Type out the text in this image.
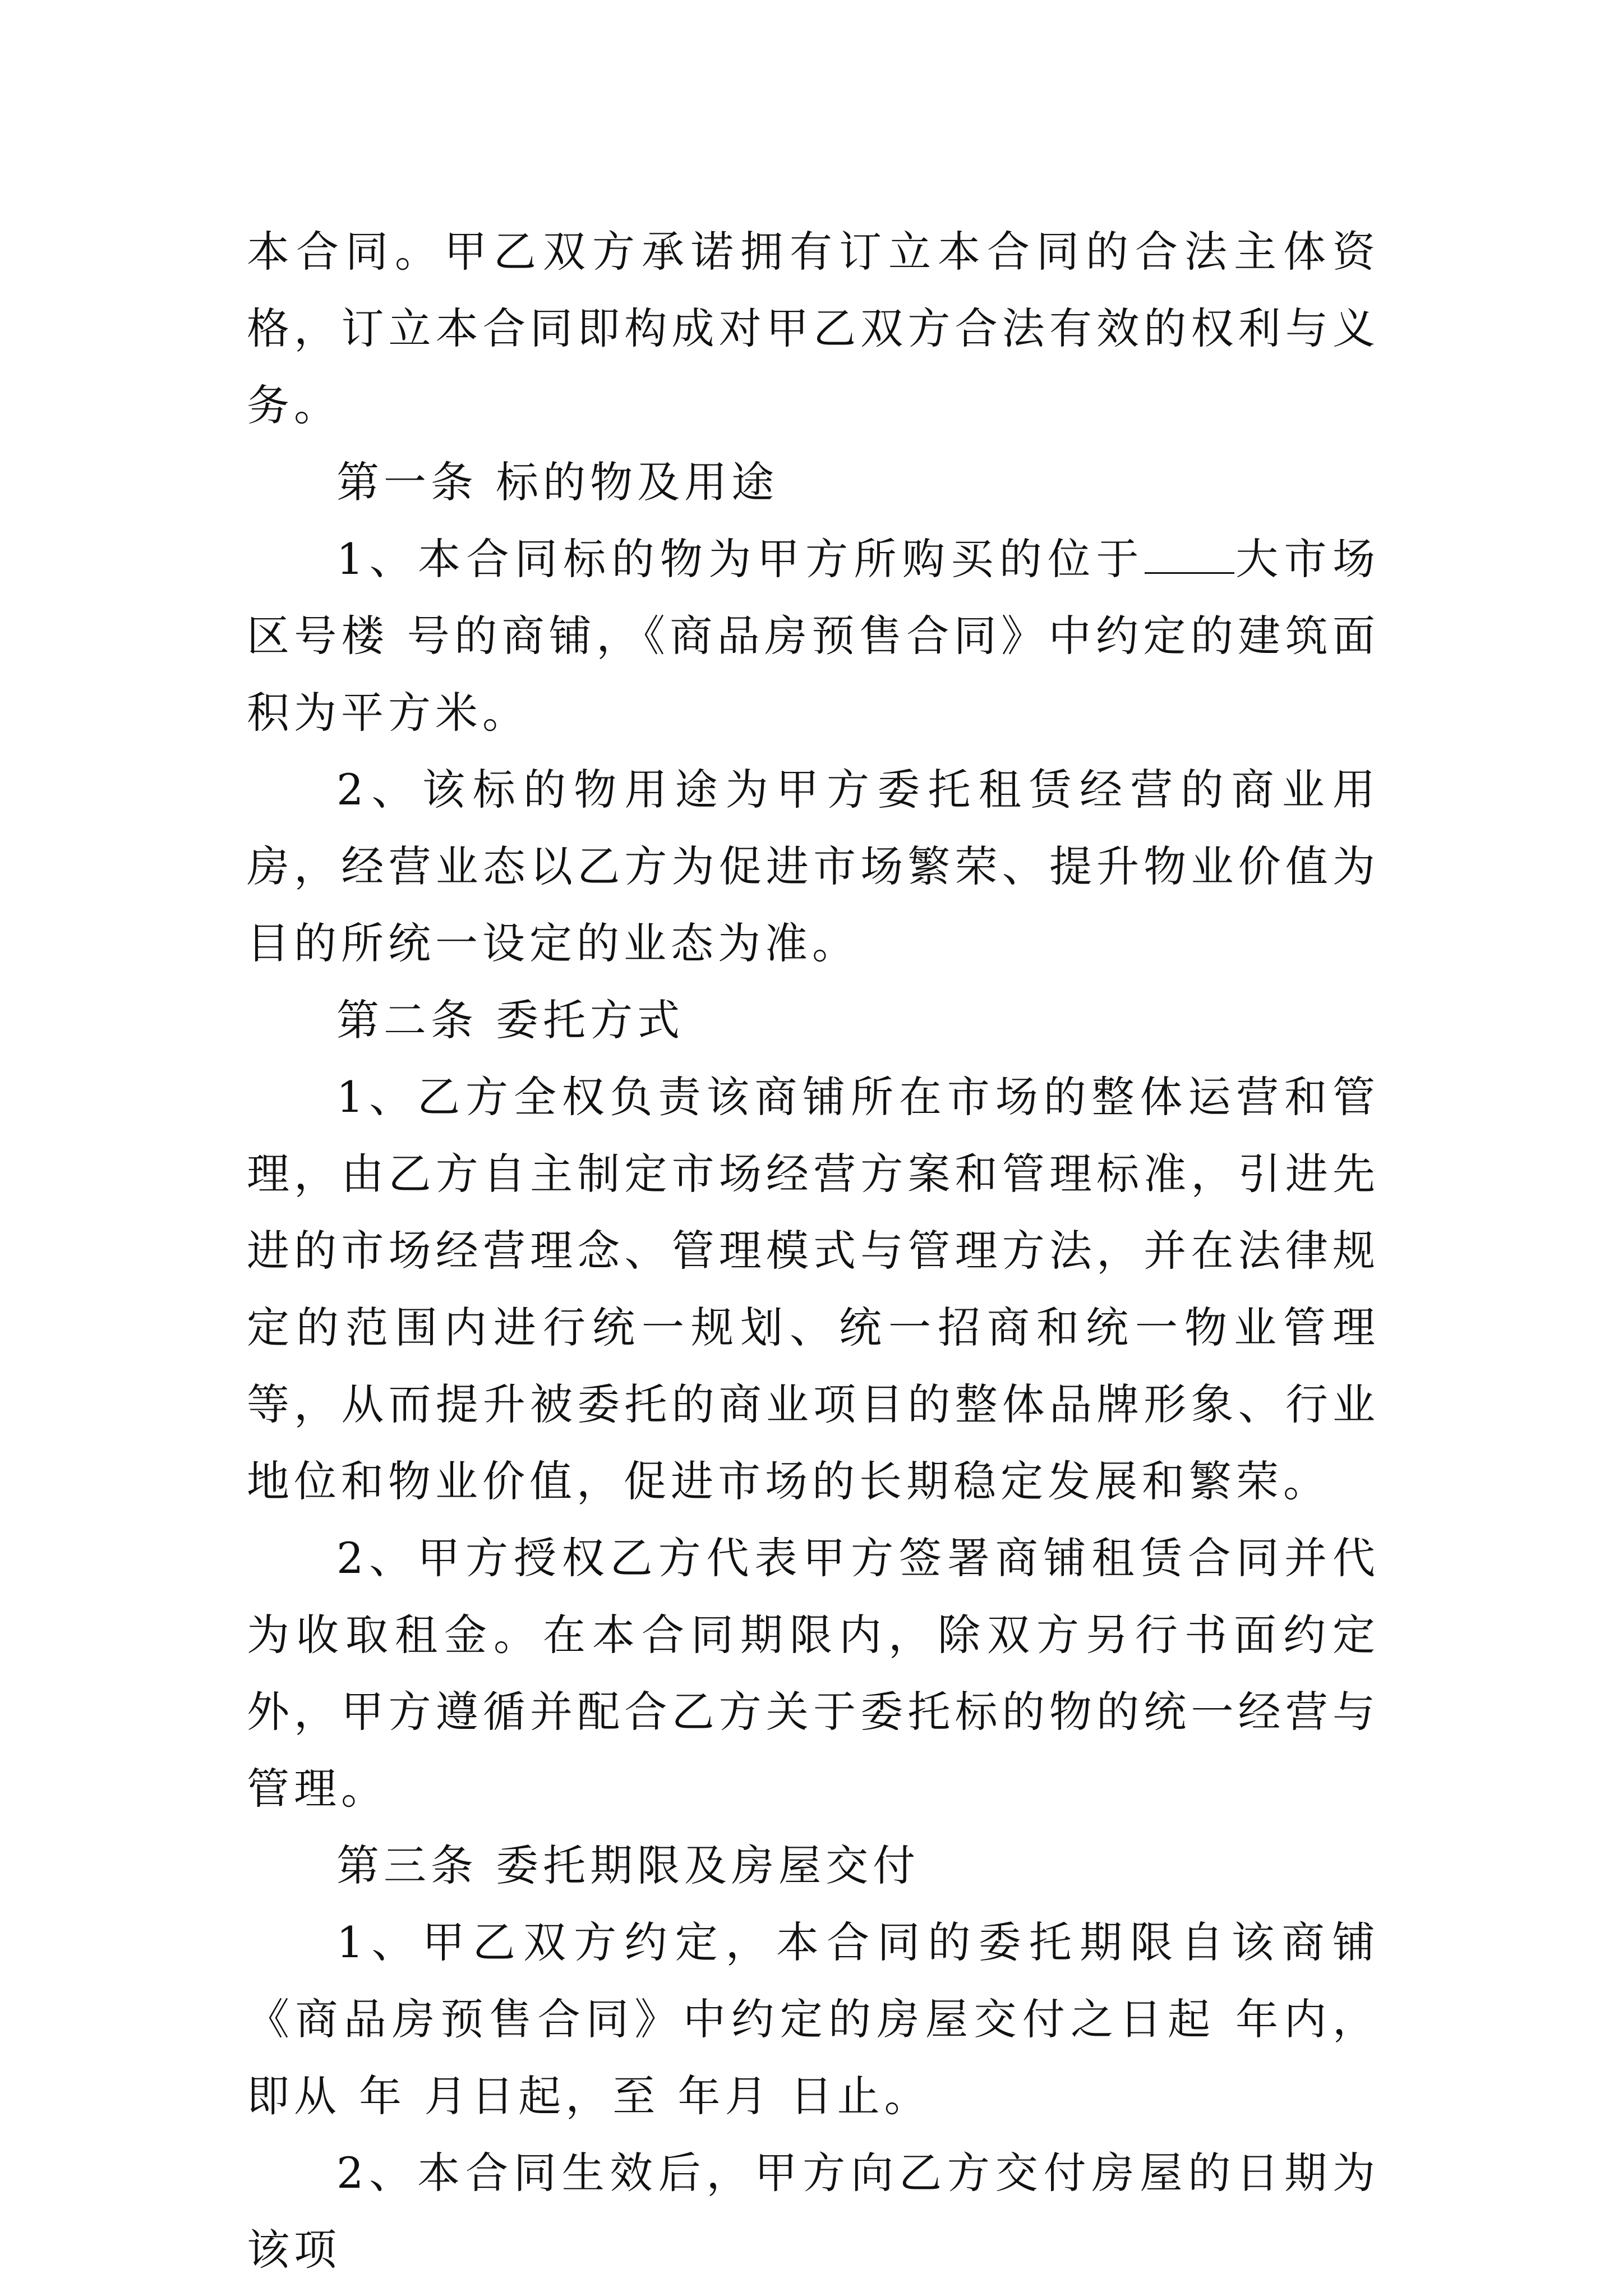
本合同。甲乙双方承诺拥有订立本合同的合法主体资格，订立本合同即构成对甲乙双方合法有效的权利与义务。

第一条 标的物及用途

1、本合同标的物为甲方所购买的位于 大市场 区号楼 号的商铺，《商品房预售合同》中约定的建筑面积为平方米。

2、该标的物用途为甲方委托租赁经营的商业用房，经营业态以乙方为促进市场繁荣、提升物业价值为目的所统一设定的业态为准。

第二条 委托方式

1、乙方全权负责该商铺所在市场的整体运营和管理，由乙方自主制定市场经营方案和管理标准，引进先进的市场经营理念、管理模式与管理方法，并在法律规定的范围内进行统一规划、统一招商和统一物业管理等，从而提升被委托的商业项目的整体品牌形象、行业地位和物业价值，促进市场的长期稳定发展和繁荣。

2、甲方授权乙方代表甲方签署商铺租赁合同并代为收取租金。在本合同期限内，除双方另行书面约定外，甲方遵循并配合乙方关于委托标的物的统一经营与管理。

第三条 委托期限及房屋交付

1、甲乙双方约定，本合同的委托期限自该商铺《商品房预售合同》中约定的房屋交付之日起 年内，即从 年 月日起，至 年月 日止。

2、本合同生效后，甲方向乙方交付房屋的日期为该项
